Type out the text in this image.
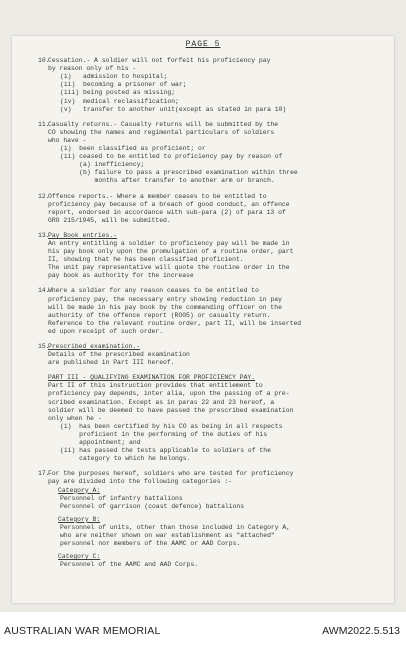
PAGE 5
10.
Cessation.- A soldier will not forfeit his proficiency pay
by reason only of his -
(i)   admission to hospital;
(ii)  becoming a prisoner of war;
(iii) being posted as missing;
(iv)  medical reclassification;
(v)   transfer to another unit(except as stated in para 10)
11.
Casualty returns.- Casualty returns will be submitted by the
CO showing the names and regimental particulars of soldiers
who have -
(i)  been classified as proficient; or
(ii) ceased to be entitled to proficiency pay by reason of
(a) inefficiency;
(b) failure to pass a prescribed examination within three
months after transfer to another arm or branch.
12.
Offence reports.- Where a member ceases to be entitled to
proficiency pay because of a breach of good conduct, an offence
report, endorsed in accordance with sub-para (2) of para 13 of
GRO 215/1945, will be submitted.
13.
Pay Book entries.-
An entry entitling a soldier to proficiency pay will be made in
his pay book only upon the promulgation of a routine order, part
II, showing that he has been classified proficient.
The unit pay representative will quote the routine order in the
pay book as authority for the increase
14.
Where a soldier for any reason ceases to be entitled to
proficiency pay, the necessary entry showing reduction in pay
will be made in his pay book by the commanding officer on the
authority of the offence report (RO05) or casualty return.
Reference to the relevant routine order, part II, will be inserted
ed upon receipt of such order.
15.
Prescribed examination.-
Details of the prescribed examination
are published in Part III hereof.
PART III - QUALIFYING EXAMINATION FOR PROFICIENCY PAY.
Part II of this instruction provides that entitlement to
proficiency pay depends, inter alia, upon the passing of a pre-
scribed examination. Except as in paras 22 and 23 hereof, a
soldier will be deemed to have passed the prescribed examination
only when he -
(i)  has been certified by his CO as being in all respects
proficient in the performing of the duties of his
appointment; and
(ii) has passed the tests applicable to soldiers of the
category to which he belongs.
17.
For the purposes hereof, soldiers who are tested for proficiency
pay are divided into the following categories :-
Category A:
Personnel of infantry battalions
Personnel of garrison (coast defence) battalions
Category B:
Personnel of units, other than those included in Category A,
who are neither shown on war establishment as "attached"
personnel nor members of the AAMC or AAD Corps.
Category C:
Personnel of the AAMC and AAD Corps.
AUSTRALIAN WAR MEMORIAL	AWM2022.5.513
